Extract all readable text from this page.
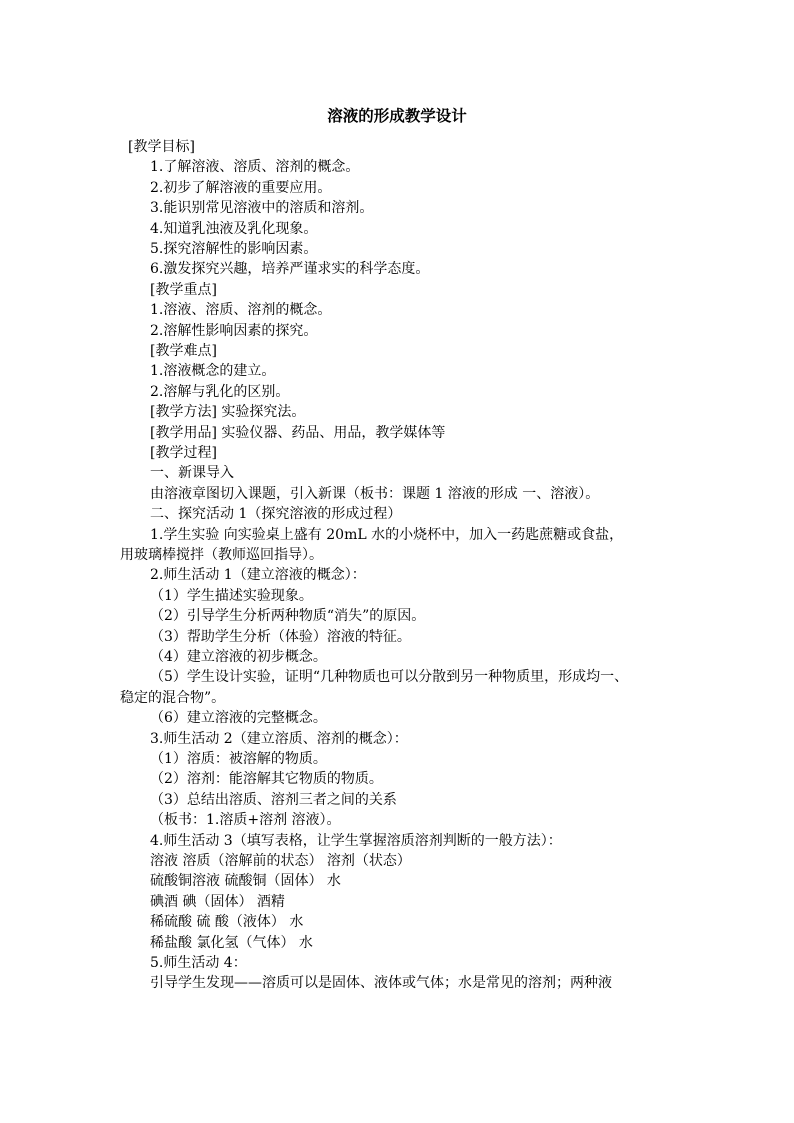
溶液的形成教学设计
[教学目标]
1.了解溶液、溶质、溶剂的概念。
2.初步了解溶液的重要应用。
3.能识别常见溶液中的溶质和溶剂。
4.知道乳浊液及乳化现象。
5.探究溶解性的影响因素。
6.激发探究兴趣，培养严谨求实的科学态度。
[教学重点]
1.溶液、溶质、溶剂的概念。
2.溶解性影响因素的探究。
[教学难点]
1.溶液概念的建立。
2.溶解与乳化的区别。
[教学方法] 实验探究法。
[教学用品] 实验仪器、药品、用品，教学媒体等
[教学过程]
一、新课导入
由溶液章图切入课题，引入新课（板书：课题 1 溶液的形成 一、溶液）。
二、探究活动 1（探究溶液的形成过程）
1.学生实验 向实验桌上盛有 20mL 水的小烧杯中，加入一药匙蔗糖或食盐，
用玻璃棒搅拌（教师巡回指导）。
2.师生活动 1（建立溶液的概念）：
（1）学生描述实验现象。
（2）引导学生分析两种物质“消失”的原因。
（3）帮助学生分析（体验）溶液的特征。
（4）建立溶液的初步概念。
（5）学生设计实验，证明“几种物质也可以分散到另一种物质里，形成均一、
稳定的混合物”。
（6）建立溶液的完整概念。
3.师生活动 2（建立溶质、溶剂的概念）：
（1）溶质：被溶解的物质。
（2）溶剂：能溶解其它物质的物质。
（3）总结出溶质、溶剂三者之间的关系
（板书：1.溶质+溶剂 溶液）。
4.师生活动 3（填写表格，让学生掌握溶质溶剂判断的一般方法）：
溶液 溶质（溶解前的状态） 溶剂（状态）
硫酸铜溶液 硫酸铜（固体） 水
碘酒 碘（固体） 酒精
稀硫酸 硫 酸（液体） 水
稀盐酸 氯化氢（气体） 水
5.师生活动 4：
引导学生发现——溶质可以是固体、液体或气体；水是常见的溶剂；两种液
